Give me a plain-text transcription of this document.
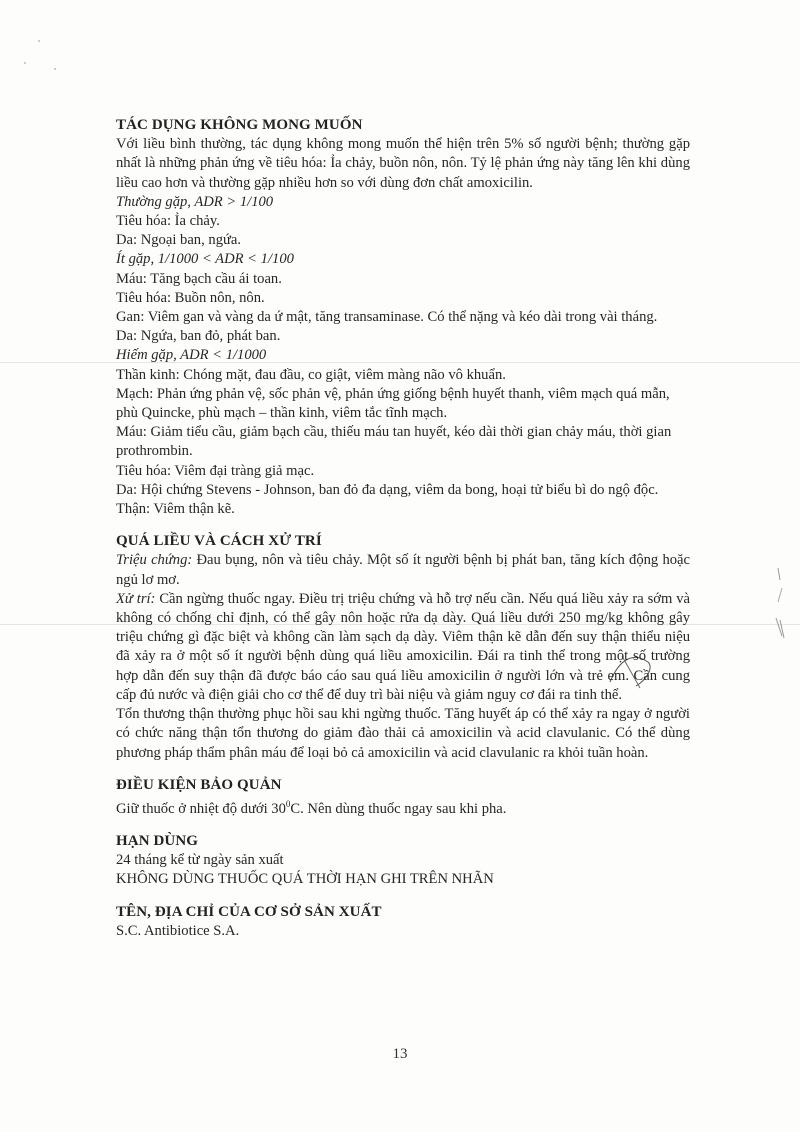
TÁC DỤNG KHÔNG MONG MUỐN

Với liều bình thường, tác dụng không mong muốn thể hiện trên 5% số người bệnh; thường gặp nhất là những phản ứng về tiêu hóa: Ỉa chảy, buồn nôn, nôn. Tỷ lệ phản ứng này tăng lên khi dùng liều cao hơn và thường gặp nhiều hơn so với dùng đơn chất amoxicilin.

Thường gặp, ADR > 1/100

Tiêu hóa: Ỉa chảy.

Da: Ngoại ban, ngứa.

Ít gặp, 1/1000 < ADR < 1/100

Máu: Tăng bạch cầu ái toan.

Tiêu hóa: Buồn nôn, nôn.

Gan: Viêm gan và vàng da ứ mật, tăng transaminase. Có thể nặng và kéo dài trong vài tháng.

Da: Ngứa, ban đỏ, phát ban.

Hiếm gặp, ADR < 1/1000

Thần kinh: Chóng mặt, đau đầu, co giật, viêm màng não vô khuẩn.

Mạch: Phản ứng phản vệ, sốc phản vệ, phản ứng giống bệnh huyết thanh, viêm mạch quá mẫn, phù Quincke, phù mạch – thần kinh, viêm tắc tĩnh mạch.

Máu: Giảm tiểu cầu, giảm bạch cầu, thiếu máu tan huyết, kéo dài thời gian chảy máu, thời gian prothrombin.

Tiêu hóa: Viêm đại tràng giả mạc.

Da: Hội chứng Stevens - Johnson, ban đỏ đa dạng, viêm da bong, hoại tử biểu bì do ngộ độc.

Thận: Viêm thận kẽ.

QUÁ LIỀU VÀ CÁCH XỬ TRÍ

Triệu chứng: Đau bụng, nôn và tiêu chảy. Một số ít người bệnh bị phát ban, tăng kích động hoặc ngủ lơ mơ.

Xử trí: Cần ngừng thuốc ngay. Điều trị triệu chứng và hỗ trợ nếu cần. Nếu quá liều xảy ra sớm và không có chống chỉ định, có thể gây nôn hoặc rửa dạ dày. Quá liều dưới 250 mg/kg không gây triệu chứng gì đặc biệt và không cần làm sạch dạ dày. Viêm thận kẽ dẫn đến suy thận thiểu niệu đã xảy ra ở một số ít người bệnh dùng quá liều amoxicilin. Đái ra tinh thể trong một số trường hợp dẫn đến suy thận đã được báo cáo sau quá liều amoxicilin ở người lớn và trẻ em. Cần cung cấp đủ nước và điện giải cho cơ thể để duy trì bài niệu và giảm nguy cơ đái ra tinh thể.

Tổn thương thận thường phục hồi sau khi ngừng thuốc. Tăng huyết áp có thể xảy ra ngay ở người có chức năng thận tổn thương do giảm đào thải cả amoxicilin và acid clavulanic. Có thể dùng phương pháp thẩm phân máu để loại bỏ cả amoxicilin và acid clavulanic ra khỏi tuần hoàn.

ĐIỀU KIỆN BẢO QUẢN

Giữ thuốc ở nhiệt độ dưới $30^0C$. Nên dùng thuốc ngay sau khi pha.

HẠN DÙNG

24 tháng kể từ ngày sản xuất

KHÔNG DÙNG THUỐC QUÁ THỜI HẠN GHI TRÊN NHÃN

TÊN, ĐỊA CHỈ CỦA CƠ SỞ SẢN XUẤT

S.C. Antibiotice S.A.

13
